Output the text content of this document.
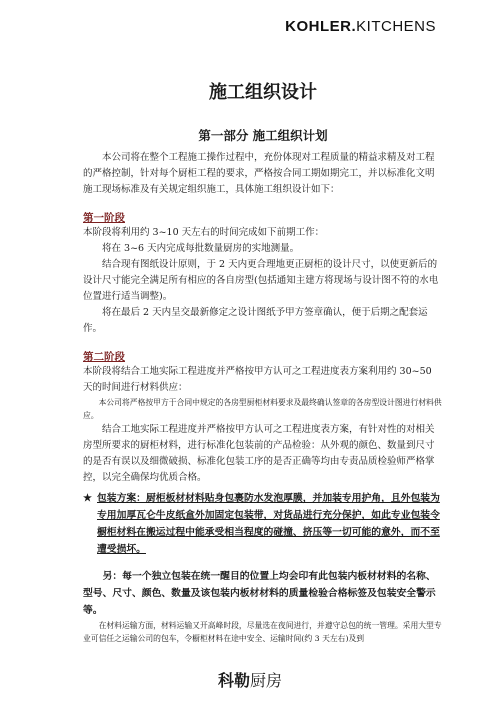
KOHLER.KITCHENS
施工组织设计
第一部分 施工组织计划

本公司将在整个工程施工操作过程中，充份体现对工程质量的精益求精及对工程的严格控制，针对每个厨柜工程的要求，严格按合同工期如期完工，并以标准化文明施工现场标准及有关规定组织施工，具体施工组织设计如下：

第一阶段

本阶段将利用约 3~10 天左右的时间完成如下前期工作：

将在 3~6 天内完成每批数量厨房的实地测量。

结合现有图纸设计原则，于 2 天内更合理地更正厨柜的设计尺寸，以使更新后的设计尺寸能完全满足所有相应的各自房型(包括通知主建方将现场与设计图不符的水电位置进行适当调整)。

将在最后 2 天内呈交最新修定之设计图纸予甲方签章确认，便于后期之配套运作。

第二阶段

本阶段将结合工地实际工程进度并严格按甲方认可之工程进度表方案利用约 30~50 天的时间进行材料供应：

本公司将严格按甲方于合同中规定的各房型厨柜材料要求及最终确认签章的各房型设计图进行材料供应。

结合工地实际工程进度并严格按甲方认可之工程进度表方案，有针对性的对相关房型所要求的厨柜材料，进行标准化包装前的产品检验：从外观的颜色、数量到尺寸的是否有误以及细微破损、标准化包装工序的是否正确等均由专责品质检验师严格掌控，以完全确保均优质合格。

★ 包装方案：厨柜板材材料贴身包裹防水发泡厚膜，并加装专用护角，且外包装为专用加厚瓦仑牛皮纸盒外加固定包装带，对货品进行充分保护，如此专业包装令橱柜材料在搬运过程中能承受相当程度的碰撞、挤压等一切可能的意外，而不至遭受损坏。

另：每一个独立包装在统一醒目的位置上均会印有此包装内板材材料的名称、型号、尺寸、颜色、数量及该包装内板材材料的质量检验合格标签及包装安全警示等。

在材料运输方面，材料运输又开高峰时段，尽量选在夜间进行，并遵守总包的统一管理。采用大型专业可信任之运输公司的包车，令橱柜材料在途中安全、运输时间(约 3 天左右)及到

科勒厨房
